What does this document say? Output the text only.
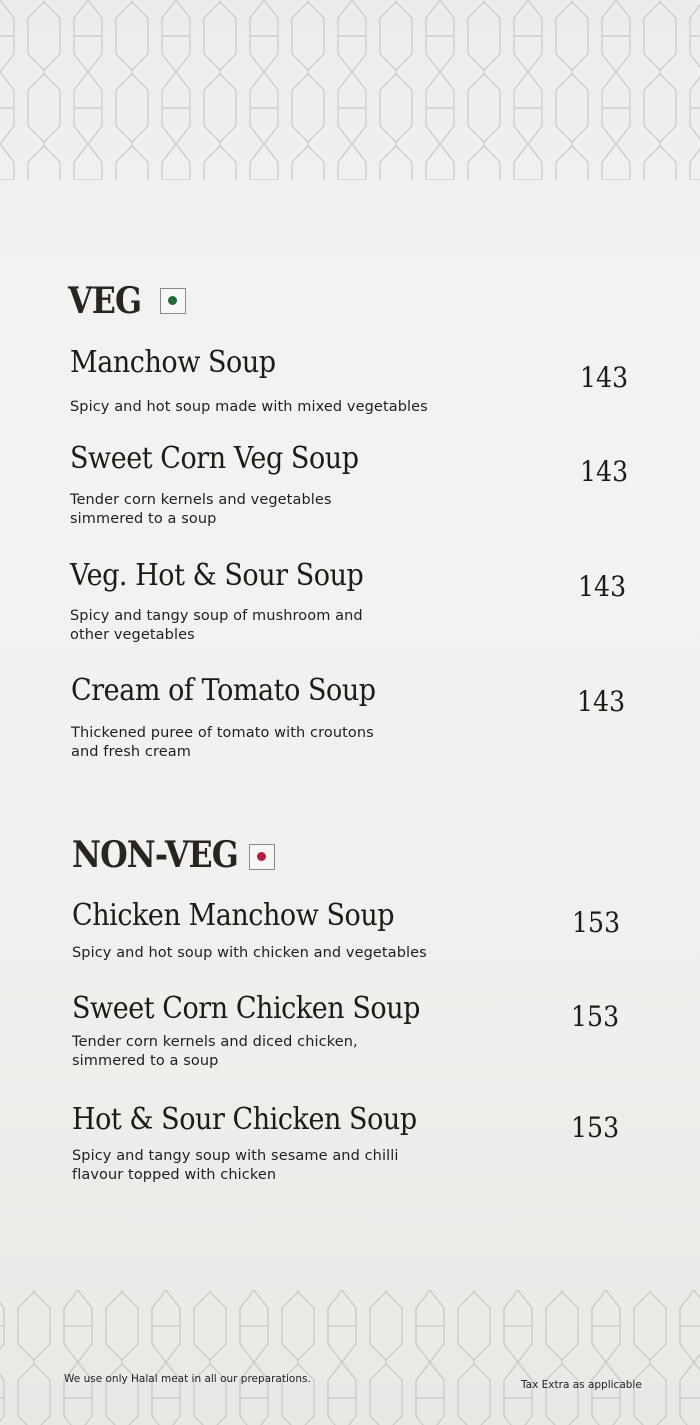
VEG
Manchow Soup
Spicy and hot soup made with mixed vegetables
143
Sweet Corn Veg Soup
Tender corn kernels and vegetables
simmered to a soup
143
Veg. Hot & Sour Soup
Spicy and tangy soup of mushroom and
other vegetables
143
Cream of Tomato Soup
Thickened puree of tomato with croutons
and fresh cream
143
NON-VEG
Chicken Manchow Soup
Spicy and hot soup with chicken and vegetables
153
Sweet Corn Chicken Soup
Tender corn kernels and diced chicken,
simmered to a soup
153
Hot & Sour Chicken Soup
Spicy and tangy soup with sesame and chilli
flavour topped with chicken
153
We use only Halal meat in all our preparations.	Tax Extra as applicable
